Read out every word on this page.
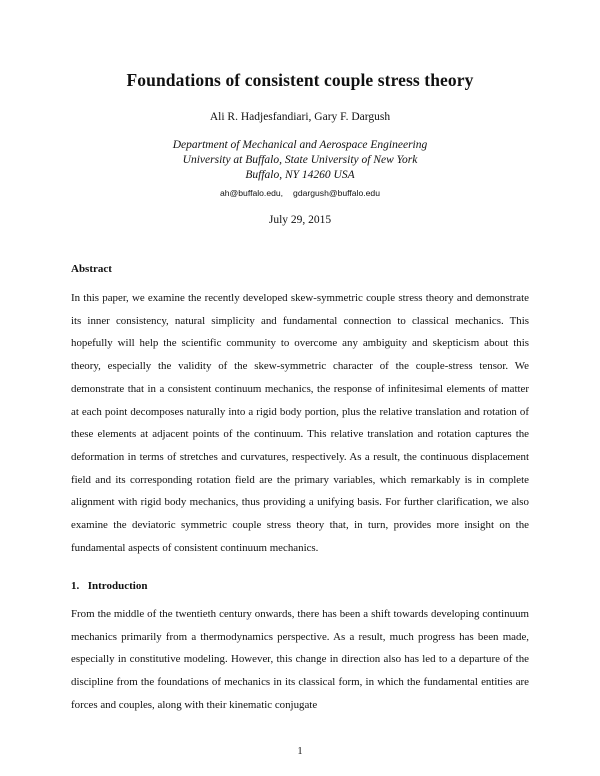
Foundations of consistent couple stress theory
Ali R. Hadjesfandiari, Gary F. Dargush
Department of Mechanical and Aerospace Engineering
University at Buffalo, State University of New York
Buffalo, NY 14260 USA
ah@buffalo.edu, gdargush@buffalo.edu
July 29, 2015
Abstract

In this paper, we examine the recently developed skew-symmetric couple stress theory and demonstrate its inner consistency, natural simplicity and fundamental connection to classical mechanics. This hopefully will help the scientific community to overcome any ambiguity and skepticism about this theory, especially the validity of the skew-symmetric character of the couple-stress tensor. We demonstrate that in a consistent continuum mechanics, the response of infinitesimal elements of matter at each point decomposes naturally into a rigid body portion, plus the relative translation and rotation of these elements at adjacent points of the continuum. This relative translation and rotation captures the deformation in terms of stretches and curvatures, respectively. As a result, the continuous displacement field and its corresponding rotation field are the primary variables, which remarkably is in complete alignment with rigid body mechanics, thus providing a unifying basis. For further clarification, we also examine the deviatoric symmetric couple stress theory that, in turn, provides more insight on the fundamental aspects of consistent continuum mechanics.

1. Introduction

From the middle of the twentieth century onwards, there has been a shift towards developing continuum mechanics primarily from a thermodynamics perspective. As a result, much progress has been made, especially in constitutive modeling. However, this change in direction also has led to a departure of the discipline from the foundations of mechanics in its classical form, in which the fundamental entities are forces and couples, along with their kinematic conjugate

1
